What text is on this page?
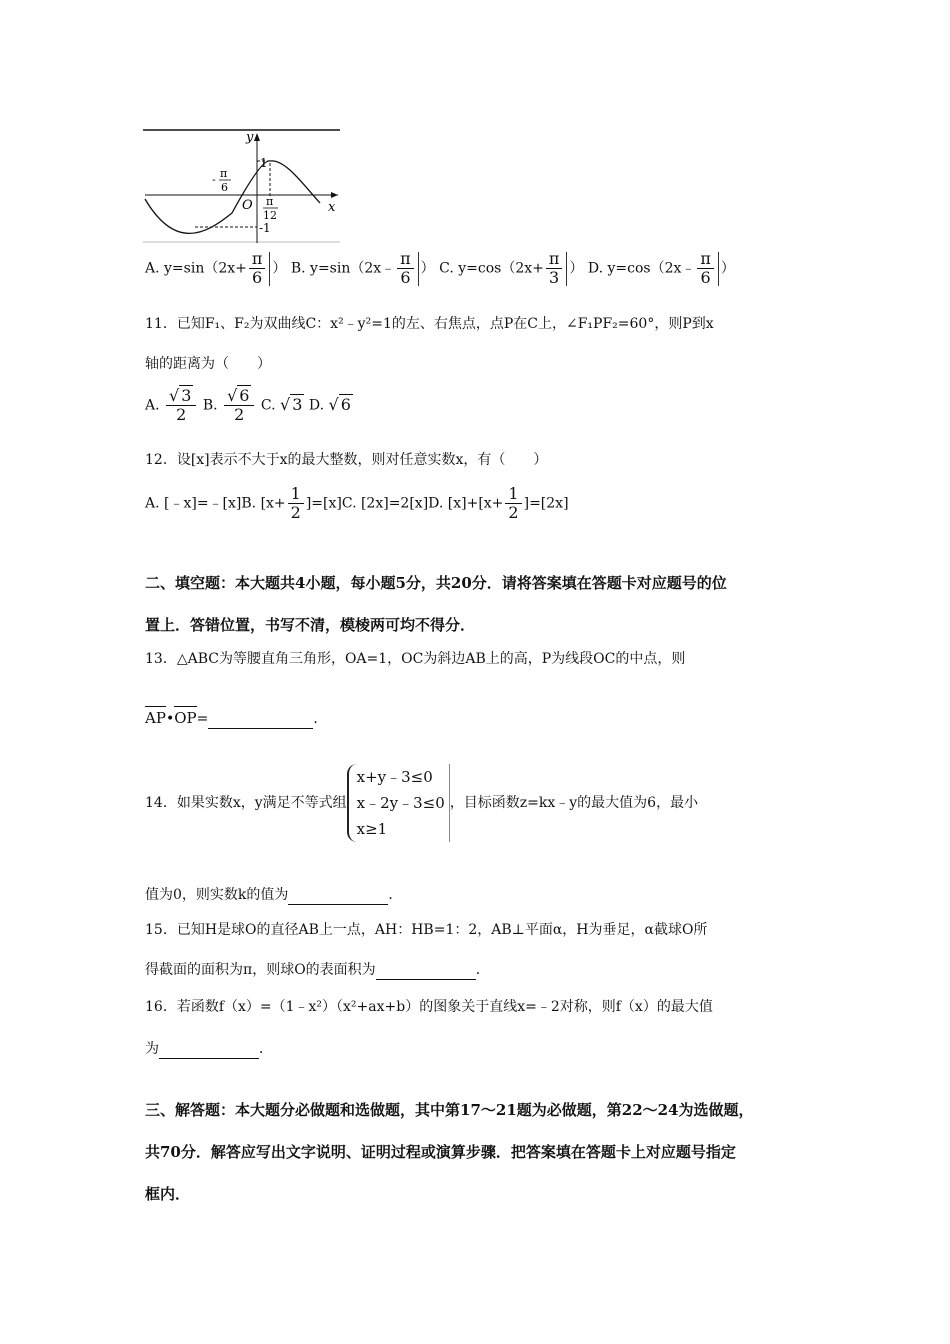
y
x
O
1
-1
- π
6
π
12
A. $y=\sin(2x+ \frac{\pi}{6}$ ） B. y=sin（2x﹣ $\frac{\pi}{6}$ ） C. $y=\cos(2x+ \frac{\pi}{3}$ ） D. y=cos（2x﹣ $\frac{\pi}{6}$ ）
11．已知F₁、F₂为双曲线C：x²﹣y²=1的左、右焦点，点P在C上，∠F₁PF₂=60°，则P到x
轴的距离为（　　）
A. $\frac{√ 3}{2} B$. $\frac{√ 6}{2} C$. √ 3 D. √ 6
12．设[x]表示不大于x的最大整数，则对任意实数x，有（　　）
A. [﹣x]=﹣[x]B. $[x+ \frac{1}{2} ]=[x]C$. [2x]=2[x]D. $[x]+[x+ \frac{1}{2} ]=[2x]$
二、填空题：本大题共4小题，每小题5分，共20分．请将答案填在答题卡对应题号的位
置上．答错位置，书写不清，模棱两可均不得分．
13．△ABC为等腰直角三角形，OA=1，OC为斜边AB上的高，P为线段OC的中点，则
AP•OP=	．
14．如果实数x，y满足不等式组
x+y﹣3≤0
x﹣2y﹣3≤0
x≥1
，目标函数z=kx﹣y的最大值为6，最小
值为0，则实数k的值为	．
15．已知H是球O的直径AB上一点，AH：HB=1：2，AB⊥平面α，H为垂足，α截球O所
得截面的面积为π，则球O的表面积为	．
16．若函数f（x）=（1﹣x²）（x²+ax+b）的图象关于直线x=﹣2对称，则f（x）的最大值
为	．
三、解答题：本大题分必做题和选做题，其中第17～21题为必做题，第22～24为选做题，
共70分．解答应写出文字说明、证明过程或演算步骤．把答案填在答题卡上对应题号指定
框内．
